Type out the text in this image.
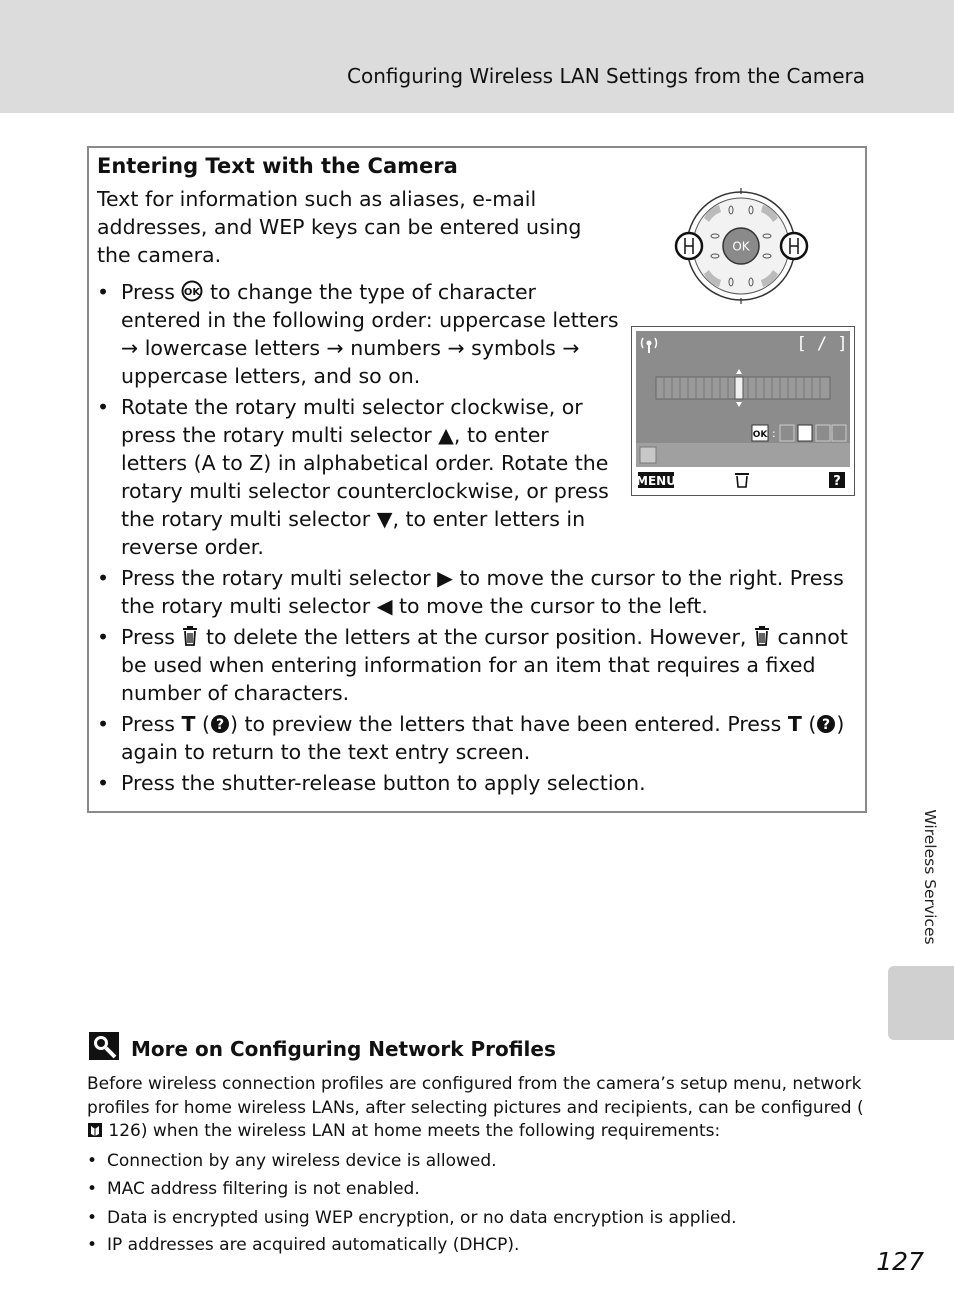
Configuring Wireless LAN Settings from the Camera
Entering Text with the Camera
Text for information such as aliases, e-mail addresses, and WEP keys can be entered using the camera.
• Press OK to change the type of character entered in the following order: uppercase letters → lowercase letters → numbers → symbols → uppercase letters, and so on.
• Rotate the rotary multi selector clockwise, or press the rotary multi selector ▲, to enter letters (A to Z) in alphabetical order. Rotate the rotary multi selector counterclockwise, or press the rotary multi selector ▼, to enter letters in reverse order.
• Press the rotary multi selector ▶ to move the cursor to the right. Press the rotary multi selector ◀ to move the cursor to the left.
• Press to delete the letters at the cursor position. However, cannot be used when entering information for an item that requires a fixed number of characters.
• Press T ( ? ) to preview the letters that have been entered. Press T ( ? ) again to return to the text entry screen.
• Press the shutter-release button to apply selection.
OK
[ / ]
OK :
MENU	?
Wireless Services
More on Configuring Network Profiles
Before wireless connection profiles are configured from the camera’s setup menu, network profiles for home wireless LANs, after selecting pictures and recipients, can be configured ( 126) when the wireless LAN at home meets the following requirements:
• Connection by any wireless device is allowed.
• MAC address filtering is not enabled.
• Data is encrypted using WEP encryption, or no data encryption is applied.
• IP addresses are acquired automatically (DHCP).
127
